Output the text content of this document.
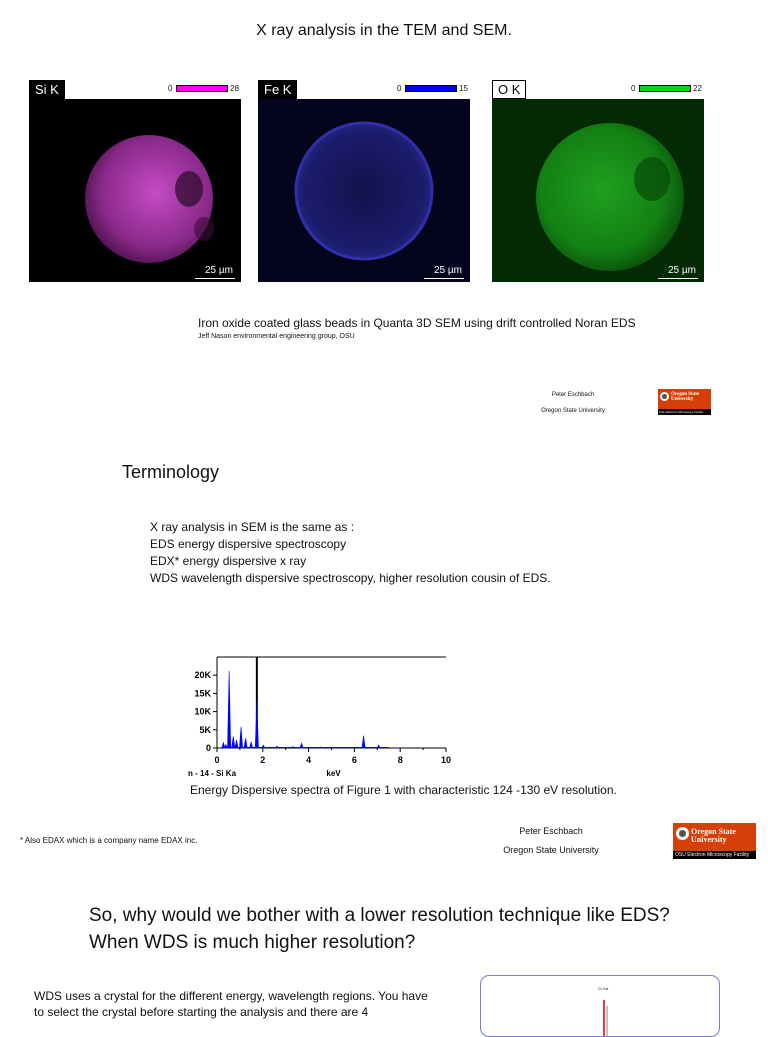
X ray analysis in the TEM and SEM.
Si K	0	28
25 µm
Fe K	0	15
25 µm
O K	0	22
25 µm
Iron oxide coated glass beads in Quanta 3D SEM using drift controlled Noran EDS
Jeff Nason environmental engineering group, OSU
Peter Eschbach
Oregon State University
Oregon State
University
OSU Electron Microscopy Facility
Terminology
X ray analysis in SEM is the same as :
EDS energy dispersive spectroscopy
EDX* energy dispersive x ray
WDS wavelength dispersive spectroscopy, higher resolution cousin of EDS.
0
5K
10K
15K
20K
0	2	4	6	8	10
n - 14 - Si Ka	keV
Energy Dispersive spectra of Figure 1 with characteristic 124 -130 eV resolution.
* Also EDAX which is a company name EDAX inc.
Peter Eschbach
Oregon State University
Oregon State
University
OSU Electron Microscopy Facility
So, why would we bother with a lower resolution technique like EDS?
When WDS is much higher resolution?
WDS uses a crystal for the different energy, wavelength regions. You have to select the crystal before starting the analysis and there are 4
Cr Ka
